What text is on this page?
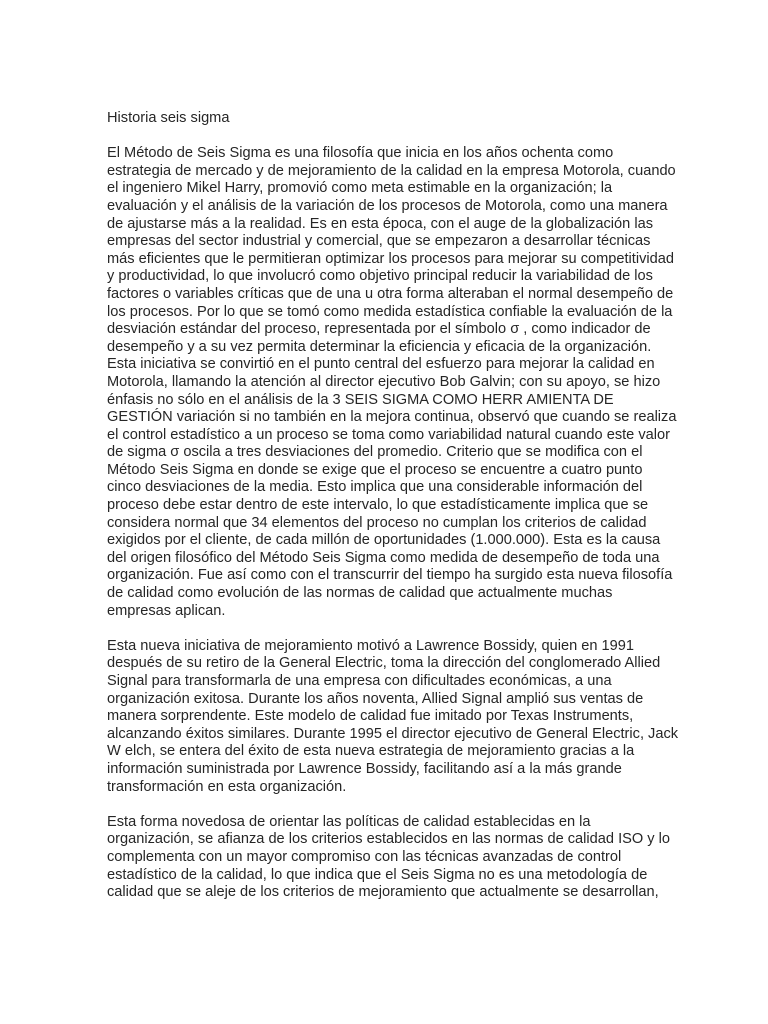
Historia seis sigma
El Método de Seis Sigma es una filosofía que inicia en los años ochenta como
estrategia de mercado y de mejoramiento de la calidad en la empresa Motorola, cuando
el ingeniero Mikel Harry, promovió como meta estimable en la organización; la
evaluación y el análisis de la variación de los procesos de Motorola, como una manera
de ajustarse más a la realidad. Es en esta época, con el auge de la globalización las
empresas del sector industrial y comercial, que se empezaron a desarrollar técnicas
más eficientes que le permitieran optimizar los procesos para mejorar su competitividad
y productividad, lo que involucró como objetivo principal reducir la variabilidad de los
factores o variables críticas que de una u otra forma alteraban el normal desempeño de
los procesos. Por lo que se tomó como medida estadística confiable la evaluación de la
desviación estándar del proceso, representada por el símbolo σ , como indicador de
desempeño y a su vez permita determinar la eficiencia y eficacia de la organización.
Esta iniciativa se convirtió en el punto central del esfuerzo para mejorar la calidad en
Motorola, llamando la atención al director ejecutivo Bob Galvin; con su apoyo, se hizo
énfasis no sólo en el análisis de la 3 SEIS SIGMA COMO HERR AMIENTA DE
GESTIÓN variación si no también en la mejora continua, observó que cuando se realiza
el control estadístico a un proceso se toma como variabilidad natural cuando este valor
de sigma σ oscila a tres desviaciones del promedio. Criterio que se modifica con el
Método Seis Sigma en donde se exige que el proceso se encuentre a cuatro punto
cinco desviaciones de la media. Esto implica que una considerable información del
proceso debe estar dentro de este intervalo, lo que estadísticamente implica que se
considera normal que 34 elementos del proceso no cumplan los criterios de calidad
exigidos por el cliente, de cada millón de oportunidades (1.000.000). Esta es la causa
del origen filosófico del Método Seis Sigma como medida de desempeño de toda una
organización. Fue así como con el transcurrir del tiempo ha surgido esta nueva filosofía
de calidad como evolución de las normas de calidad que actualmente muchas
empresas aplican.
Esta nueva iniciativa de mejoramiento motivó a Lawrence Bossidy, quien en 1991
después de su retiro de la General Electric, toma la dirección del conglomerado Allied
Signal para transformarla de una empresa con dificultades económicas, a una
organización exitosa. Durante los años noventa, Allied Signal amplió sus ventas de
manera sorprendente. Este modelo de calidad fue imitado por Texas Instruments,
alcanzando éxitos similares. Durante 1995 el director ejecutivo de General Electric, Jack
W elch, se entera del éxito de esta nueva estrategia de mejoramiento gracias a la
información suministrada por Lawrence Bossidy, facilitando así a la más grande
transformación en esta organización.
Esta forma novedosa de orientar las políticas de calidad establecidas en la
organización, se afianza de los criterios establecidos en las normas de calidad ISO y lo
complementa con un mayor compromiso con las técnicas avanzadas de control
estadístico de la calidad, lo que indica que el Seis Sigma no es una metodología de
calidad que se aleje de los criterios de mejoramiento que actualmente se desarrollan,
